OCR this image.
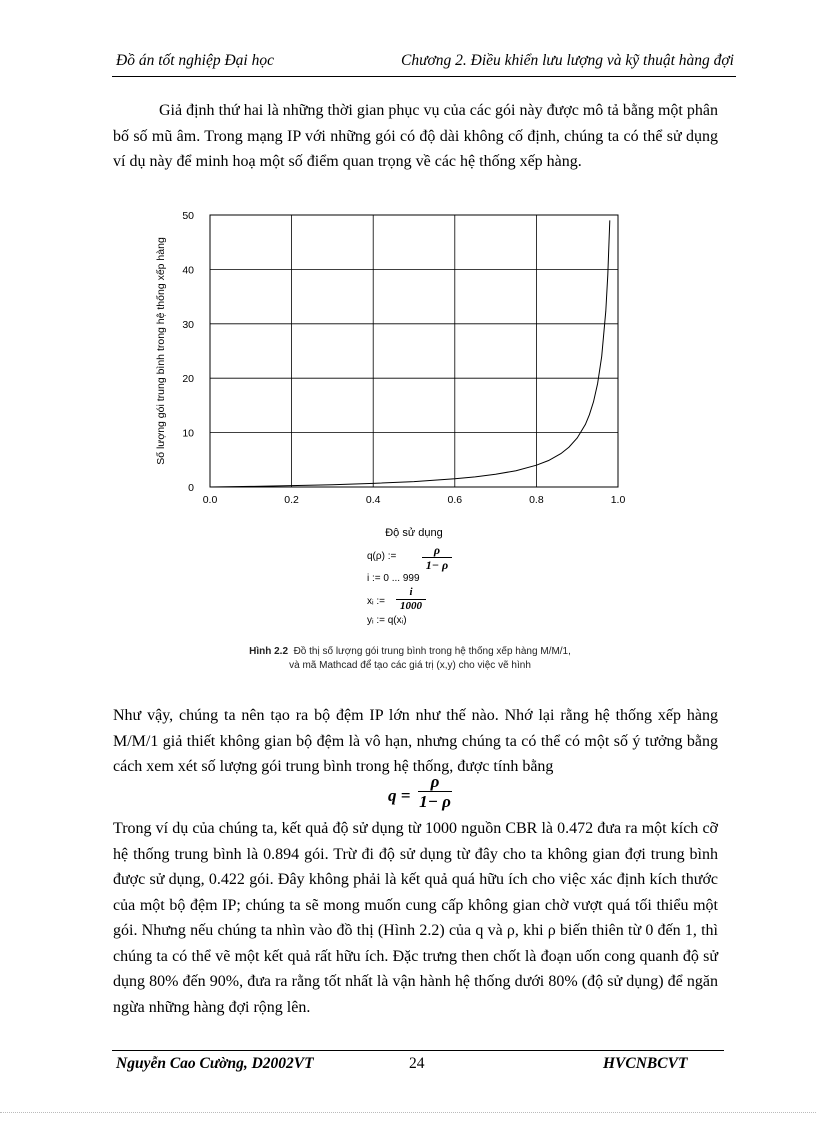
Đồ án tốt nghiệp Đại học	Chương 2. Điều khiển lưu lượng và kỹ thuật hàng đợi
Giả định thứ hai là những thời gian phục vụ của các gói này được mô tả bằng một phân bố số mũ âm. Trong mạng IP với những gói có độ dài không cố định, chúng ta có thể sử dụng ví dụ này để minh hoạ một số điểm quan trọng về các hệ thống xếp hàng.
0.0	0.2	0.4	0.6	0.8	1.0
0
10
20
30
40
50
Độ sử dụng
Số lượng gói trung bình trong hệ thống xếp hàng
q(ρ) :=	ρ
1− ρ
i := 0 ... 999
xᵢ :=
i
1000
yᵢ := q(xᵢ)
Hình 2.2 Đồ thị số lượng gói trung bình trong hệ thống xếp hàng M/M/1,
và mã Mathcad để tạo các giá trị (x,y) cho việc vẽ hình
Như vậy, chúng ta nên tạo ra bộ đệm IP lớn như thế nào. Nhớ lại rằng hệ thống xếp hàng M/M/1 giả thiết không gian bộ đệm là vô hạn, nhưng chúng ta có thể có một số ý tưởng bằng cách xem xét số lượng gói trung bình trong hệ thống, được tính bằng
q =
ρ
1− ρ
Trong ví dụ của chúng ta, kết quả độ sử dụng từ 1000 nguồn CBR là 0.472 đưa ra một kích cỡ hệ thống trung bình là 0.894 gói. Trừ đi độ sử dụng từ đây cho ta không gian đợi trung bình được sử dụng, 0.422 gói. Đây không phải là kết quả quá hữu ích cho việc xác định kích thước của một bộ đệm IP; chúng ta sẽ mong muốn cung cấp không gian chờ vượt quá tối thiểu một gói. Nhưng nếu chúng ta nhìn vào đồ thị (Hình 2.2) của q và ρ, khi ρ biến thiên từ 0 đến 1, thì chúng ta có thể vẽ một kết quả rất hữu ích. Đặc trưng then chốt là đoạn uốn cong quanh độ sử dụng 80% đến 90%, đưa ra rằng tốt nhất là vận hành hệ thống dưới 80% (độ sử dụng) để ngăn ngừa những hàng đợi rộng lên.
Nguyễn Cao Cường, D2002VT	24	HVCNBCVT
